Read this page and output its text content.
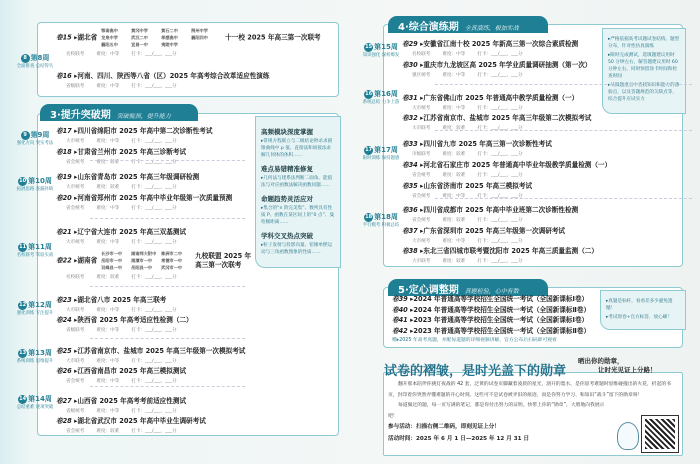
3·提升突破期 突破瓶颈，提升能力
4·综合演练期 全真演练，极加实战
5·定心调整期 真题检验，心中有数
高频模块深度掌握

▸常规方程联立与二级结论秒杀求圆锥曲线中 p 值、直接法和间接法求解几何体的体积……

难点易错精准修复

▸几何法与建系法判断二面角、能值法与对应函数法解决函数问题……

命题趋势灵活应对

▸集合的“n 阶完美集”、数列具有性质 P、函数在某区间上的“0 点”、曼哈顿距离……

学科交叉热点突破

▸粒子发射与投影向量、铅锤单摆运动与三角函数图象的性质……

▸严格依据高考试题试卷结构、题型分布，针对性仿真演练

▸限时完成测试，选填题建议用时 50 分钟左右，解答题建议用时 60 分钟左右，同时预留涂卡时间和检查时间

▸从做题重点中查找知识和能力的薄弱点，以及答题规范的欠缺点等，综合提升应试实力

▸真题是标杆，看看差多少避免遗憾！

▸考试原卷+官方标答，放心刷！

8 第8周
全面排查 总结得失
9 第9周
强化方向 突实考法
10 第10周
拓展思路 查漏补缺
11 第11周
名校联考 驾驭实战
12 第12周
强化训练 专注提升
13 第13周
系统训练 思维提升
14 第14周
总结重难 逐项突破
15 第15周
知识强化 深析爆发
16 第16周
系统总结 力争上游
17 第17周
限时训练 保持题感
18 第18周
平行模考 积极总结
卷15 ▸湖北省鄂南高中	黄冈中学	黄石二中	荆州中学龙泉中学	武汉二中	孝感高中	襄阳四中襄阳五中	宜昌一中	夷陵中学十一校 2025 年高三第一次联考
名校联考	难度：中等	打卡：___/___，___分
卷16 ▸河南、四川、陕西等八省（区）2025 年高考综合改革适应性演练
省级联考	难度：中等	打卡：___/___，___分
卷17 ▸四川省绵阳市 2025 年高中第二次诊断性考试
大市统考	难度：中等	打卡：___/___，___分
卷18 ▸甘肃省兰州市 2025 年高三诊断考试
省会统考	难度：较难	打卡：___/___，___分
卷19 ▸山东省青岛市 2025 年高三年级调研检测
大市统考	难度：较难	打卡：___/___，___分
卷20 ▸河南省郑州市 2025 年高中毕业年级第一次质量预测
省会统考	难度：中等	打卡：___/___，___分
卷21 ▸辽宁省大连市 2025 年高三双基测试
大市统考	难度：中等	打卡：___/___，___分
卷22 ▸湖南省长沙市一中 湖南师大附中 株洲市二中岳阳市一中 湘潭市一中 常德市一中双峰县一中 岳阳县一中 武冈市一中九校联盟 2025 年高三第一次联考
名校联考	难度：较难	打卡：___/___，___分
卷23 ▸湖北省八市 2025 年高三联考
大市联考	难度：中等	打卡：___/___，___分
卷24 ▸陕西省 2025 年高考适应性检测（二）
省级联考	难度：中等	打卡：___/___，___分
卷25 ▸江苏省南京市、盐城市 2025 年高三年级第一次模拟考试
大市联考	难度：中等	打卡：___/___，___分
卷26 ▸江西省南昌市 2025 年高三模拟测试
省会统考	难度：中等	打卡：___/___，___分
卷27 ▸山西省 2025 年高考考前适应性测试
省级统考	难度：中等	打卡：___/___，___分
卷28 ▸湖北省武汉市 2025 年高中毕业生调研考试
省会统考	难度：较难	打卡：___/___，___分
卷29 ▸安徽省江南十校 2025 年新高三第一次综合素质检测
名校联考	难度：中等	打卡：___/___，___分
卷30 ▸重庆市九龙坡区高 2025 年学业质量调研抽测（第一次）
强区统考	难度：中等	打卡：___/___，___分
卷31 ▸广东省佛山市 2025 年普通高中教学质量检测（一）
大市统考	难度：中等	打卡：___/___，___分
卷32 ▸江苏省南京市、盐城市 2025 年高三年级第二次模拟考试
大市联考	难度：较难	打卡：___/___，___分
卷33 ▸四川省九市 2025 年高三第一次诊断性考试
市级联考	难度：较难	打卡：___/___，___分
卷34 ▸河北省石家庄市 2025 年普通高中毕业年级教学质量检测（一）
省会统考	难度：较难	打卡：___/___，___分
卷35 ▸山东省济南市 2025 年高三模拟考试
省会统考	难度：中等	打卡：___/___，___分
卷36 ▸四川省成都市 2025 年高中毕业班第二次诊断性检测
省会统考	难度：较难	打卡：___/___，___分
卷37 ▸广东省深圳市 2025 年高三年级第一次调研考试
大市统考	难度：中等	打卡：___/___，___分
卷38 ▸东北三省四城市联考暨沈阳市 2025 年高三质量监测（二）
大市联考	难度：较难	打卡：___/___，___分
卷39 ▸2024 年普通高等学校招生全国统一考试（全国新课标Ⅰ卷）
卷40 ▸2024 年普通高等学校招生全国统一考试（全国新课标Ⅱ卷）
卷41 ▸2023 年普通高等学校招生全国统一考试（全国新课标Ⅰ卷）
卷42 ▸2023 年普通高等学校招生全国统一考试（全国新课标Ⅱ卷）
赠▸2025 年高考真题，并配每道题的详细视频讲解，官方公布后扫码即可观看
试卷的褶皱，是时光盖下的勋章
晒出你的勋章，
让时光见证上分路！
翻开那本陪伴你挑灯夜战的 42 套，泛黄的试卷页脚藏着凌晨的星光，洇开的墨水，是你思考难题时思维碰撞出的火花，折起的书页，封印着你突然弄懂难题的开心时刻。这些可不是试卷被弄旧的痕迹，而是你努力学习、和知识“战斗”留下的勋章呀！
每道做过的题，每一页写满的笔记，都是你付出努力的证明。快带上你的“勋章”，大胆地向我展示吧！
参与活动：扫描右侧二维码，即刻见证上分！
活动时间：2025 年 6 月 1 日—2025 年 12 月 31 日
